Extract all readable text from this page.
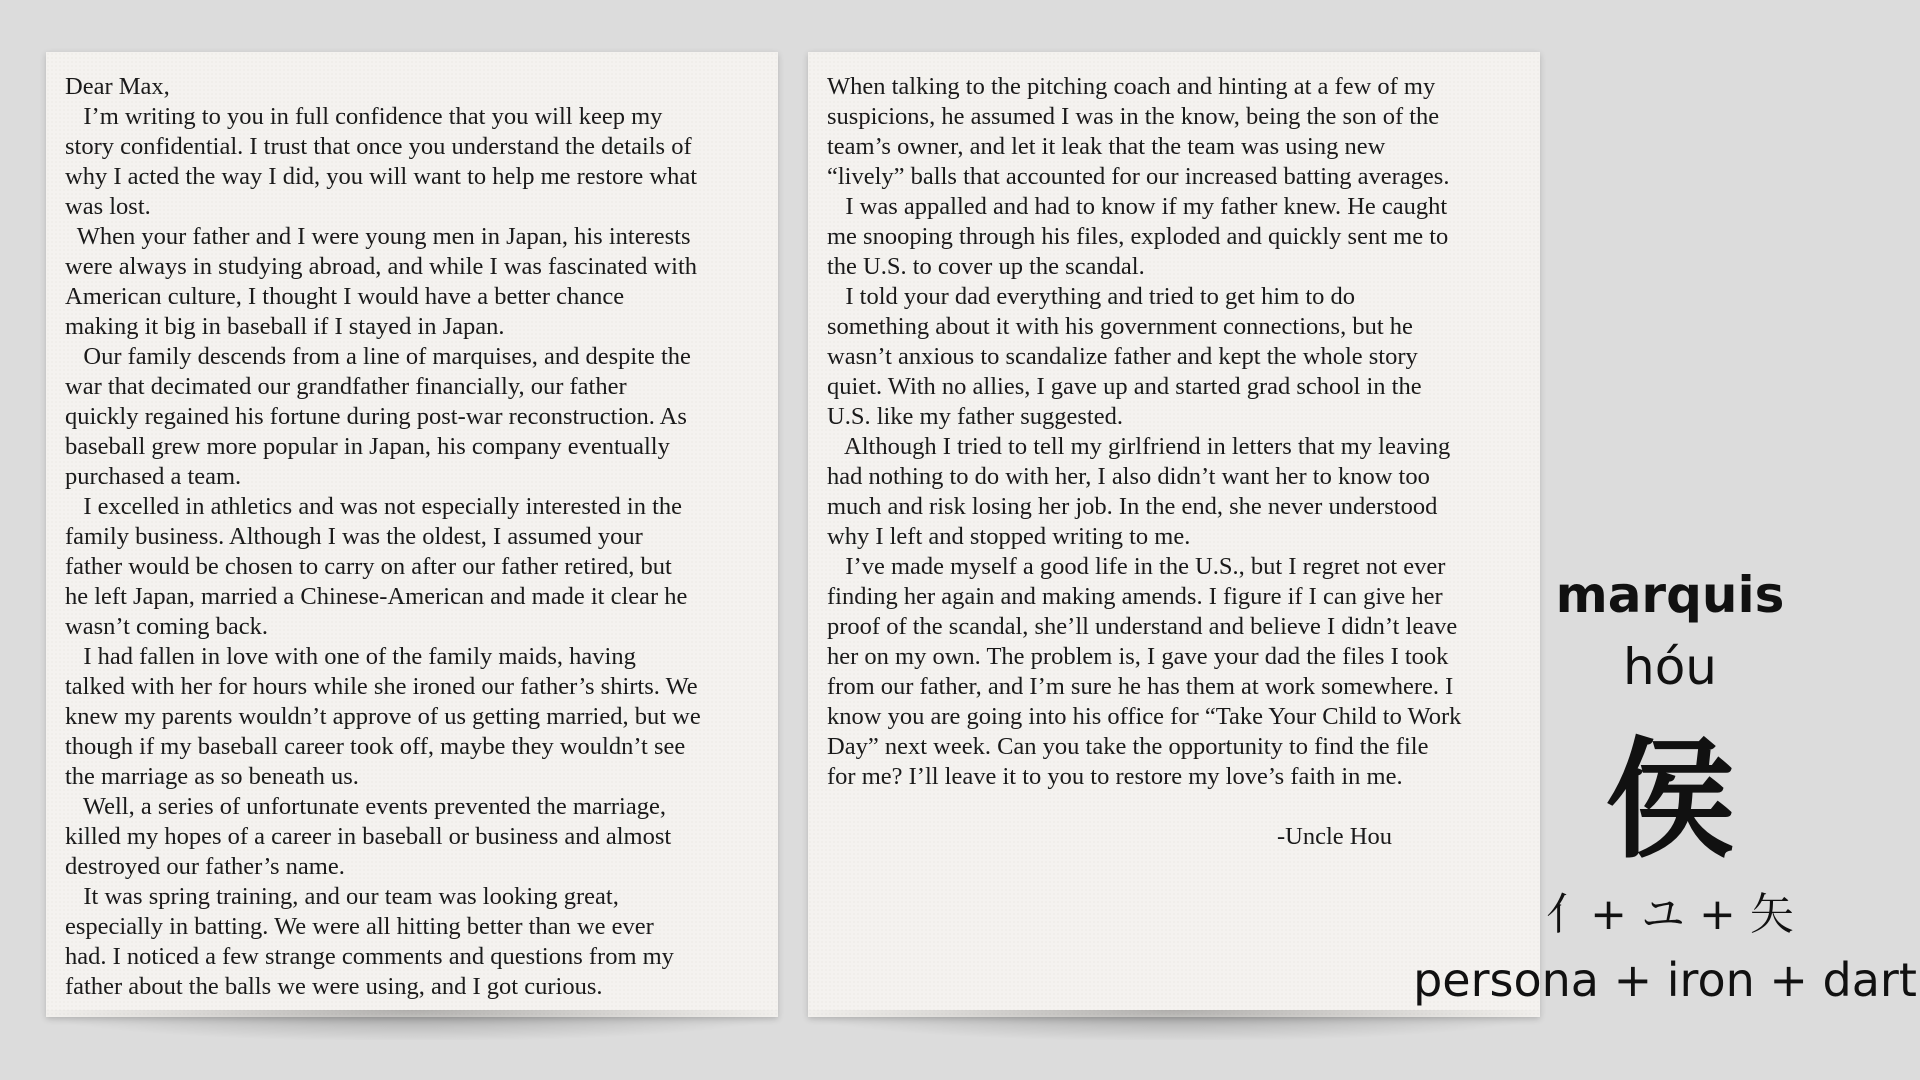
Dear Max,
I’m writing to you in full confidence that you will keep my
story confidential. I trust that once you understand the details of
why I acted the way I did, you will want to help me restore what
was lost.
When your father and I were young men in Japan, his interests
were always in studying abroad, and while I was fascinated with
American culture, I thought I would have a better chance
making it big in baseball if I stayed in Japan.
Our family descends from a line of marquises, and despite the
war that decimated our grandfather financially, our father
quickly regained his fortune during post-war reconstruction. As
baseball grew more popular in Japan, his company eventually
purchased a team.
I excelled in athletics and was not especially interested in the
family business. Although I was the oldest, I assumed your
father would be chosen to carry on after our father retired, but
he left Japan, married a Chinese-American and made it clear he
wasn’t coming back.
I had fallen in love with one of the family maids, having
talked with her for hours while she ironed our father’s shirts. We
knew my parents wouldn’t approve of us getting married, but we
though if my baseball career took off, maybe they wouldn’t see
the marriage as so beneath us.
Well, a series of unfortunate events prevented the marriage,
killed my hopes of a career in baseball or business and almost
destroyed our father’s name.
It was spring training, and our team was looking great,
especially in batting. We were all hitting better than we ever
had. I noticed a few strange comments and questions from my
father about the balls we were using, and I got curious.
When talking to the pitching coach and hinting at a few of my
suspicions, he assumed I was in the know, being the son of the
team’s owner, and let it leak that the team was using new
“lively” balls that accounted for our increased batting averages.
I was appalled and had to know if my father knew. He caught
me snooping through his files, exploded and quickly sent me to
the U.S. to cover up the scandal.
I told your dad everything and tried to get him to do
something about it with his government connections, but he
wasn’t anxious to scandalize father and kept the whole story
quiet. With no allies, I gave up and started grad school in the
U.S. like my father suggested.
Although I tried to tell my girlfriend in letters that my leaving
had nothing to do with her, I also didn’t want her to know too
much and risk losing her job. In the end, she never understood
why I left and stopped writing to me.
I’ve made myself a good life in the U.S., but I regret not ever
finding her again and making amends. I figure if I can give her
proof of the scandal, she’ll understand and believe I didn’t leave
her on my own. The problem is, I gave your dad the files I took
from our father, and I’m sure he has them at work somewhere. I
know you are going into his office for “Take Your Child to Work
Day” next week. Can you take the opportunity to find the file
for me? I’ll leave it to you to restore my love’s faith in me.
-Uncle Hou
marquis
hóu
侯
亻+ ユ + 矢
persona + iron + dart
